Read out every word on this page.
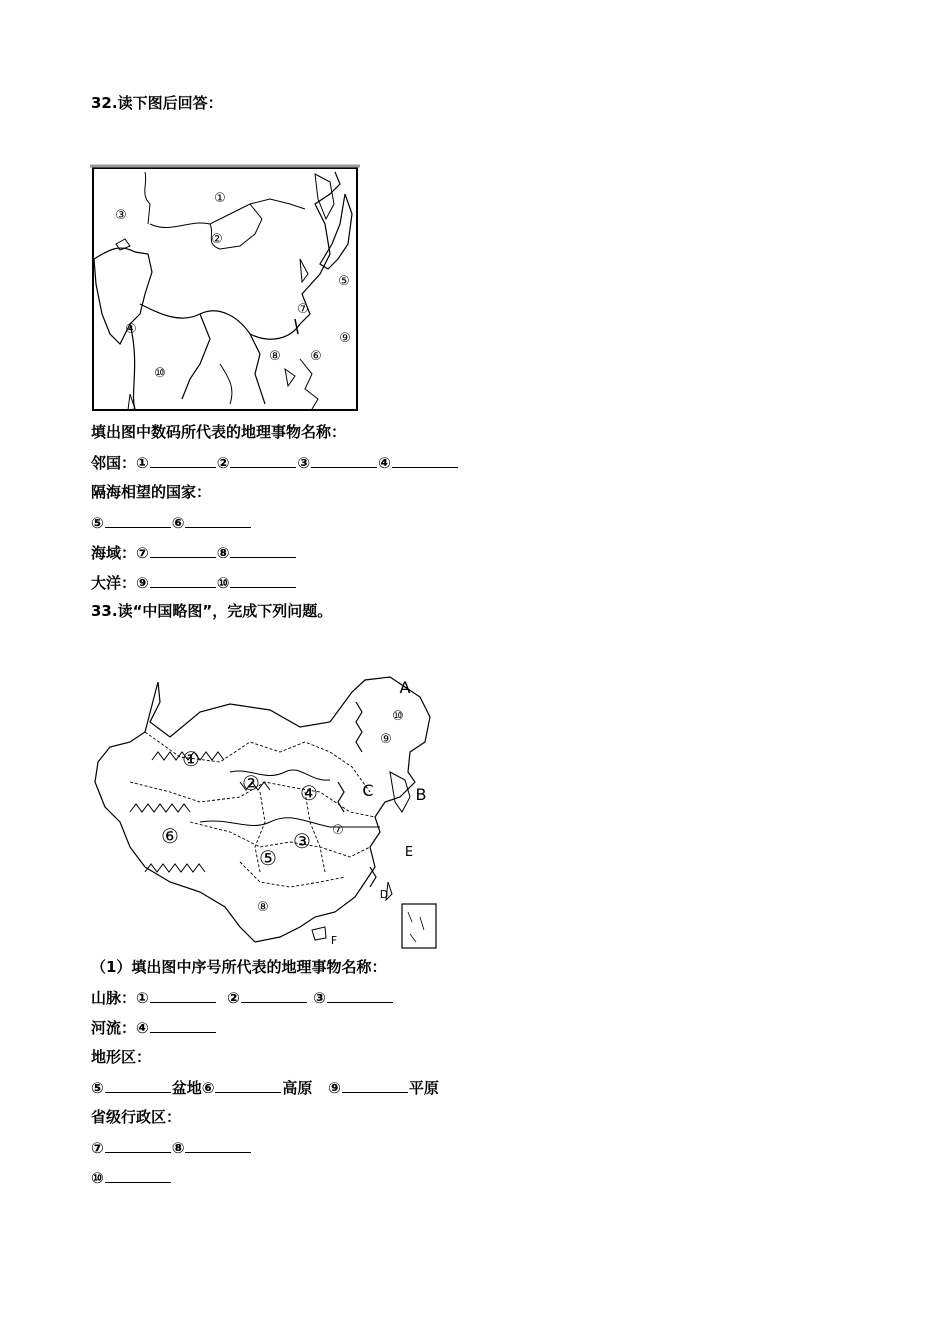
32.读下图后回答：
①
②
③
④
⑤
⑥
⑦
⑧
⑨
⑩
填出图中数码所代表的地理事物名称：
邻国：①	②	③	④
隔海相望的国家：
⑤	⑥
海域：⑦	⑧
大洋：⑨	⑩
33.读“中国略图”，完成下列问题。
①
②
③
④
⑤
⑥	⑦
⑧
⑨
⑩
A
B
C
D
E
F
（1）填出图中序号所代表的地理事物名称：
山脉：①	②	③
河流：④
地形区：
⑤	盆地⑥	高原 ⑨	平原
省级行政区：
⑦	⑧
⑩
